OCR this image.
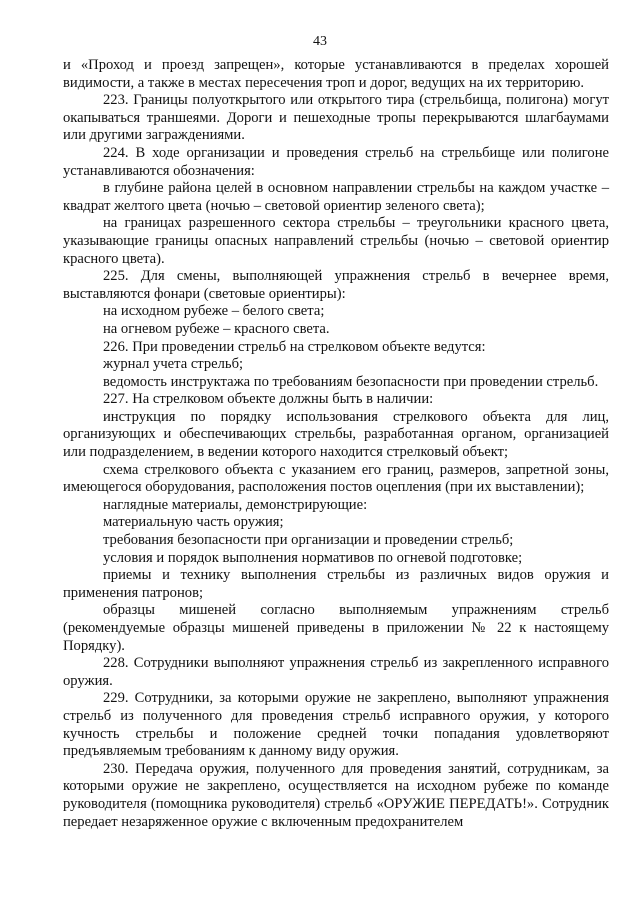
43

и «Проход и проезд запрещен», которые устанавливаются в пределах хорошей видимости, а также в местах пересечения троп и дорог, ведущих на их территорию.

223. Границы полуоткрытого или открытого тира (стрельбища, полигона) могут окапываться траншеями. Дороги и пешеходные тропы перекрываются шлагбаумами или другими заграждениями.

224. В ходе организации и проведения стрельб на стрельбище или полигоне устанавливаются обозначения:

в глубине района целей в основном направлении стрельбы на каждом участке – квадрат желтого цвета (ночью – световой ориентир зеленого света);

на границах разрешенного сектора стрельбы – треугольники красного цвета, указывающие границы опасных направлений стрельбы (ночью – световой ориентир красного цвета).

225. Для смены, выполняющей упражнения стрельб в вечернее время, выставляются фонари (световые ориентиры):

на исходном рубеже – белого света;

на огневом рубеже – красного света.

226. При проведении стрельб на стрелковом объекте ведутся:

журнал учета стрельб;

ведомость инструктажа по требованиям безопасности при проведении стрельб.

227. На стрелковом объекте должны быть в наличии:

инструкция по порядку использования стрелкового объекта для лиц, организующих и обеспечивающих стрельбы, разработанная органом, организацией или подразделением, в ведении которого находится стрелковый объект;

схема стрелкового объекта с указанием его границ, размеров, запретной зоны, имеющегося оборудования, расположения постов оцепления (при их выставлении);

наглядные материалы, демонстрирующие:

материальную часть оружия;

требования безопасности при организации и проведении стрельб;

условия и порядок выполнения нормативов по огневой подготовке;

приемы и технику выполнения стрельбы из различных видов оружия и применения патронов;

образцы мишеней согласно выполняемым упражнениям стрельб (рекомендуемые образцы мишеней приведены в приложении № 22 к настоящему Порядку).

228. Сотрудники выполняют упражнения стрельб из закрепленного исправного оружия.

229. Сотрудники, за которыми оружие не закреплено, выполняют упражнения стрельб из полученного для проведения стрельб исправного оружия, у которого кучность стрельбы и положение средней точки попадания удовлетворяют предъявляемым требованиям к данному виду оружия.

230. Передача оружия, полученного для проведения занятий, сотрудникам, за которыми оружие не закреплено, осуществляется на исходном рубеже по команде руководителя (помощника руководителя) стрельб «ОРУЖИЕ ПЕРЕДАТЬ!». Сотрудник передает незаряженное оружие с включенным предохранителем
